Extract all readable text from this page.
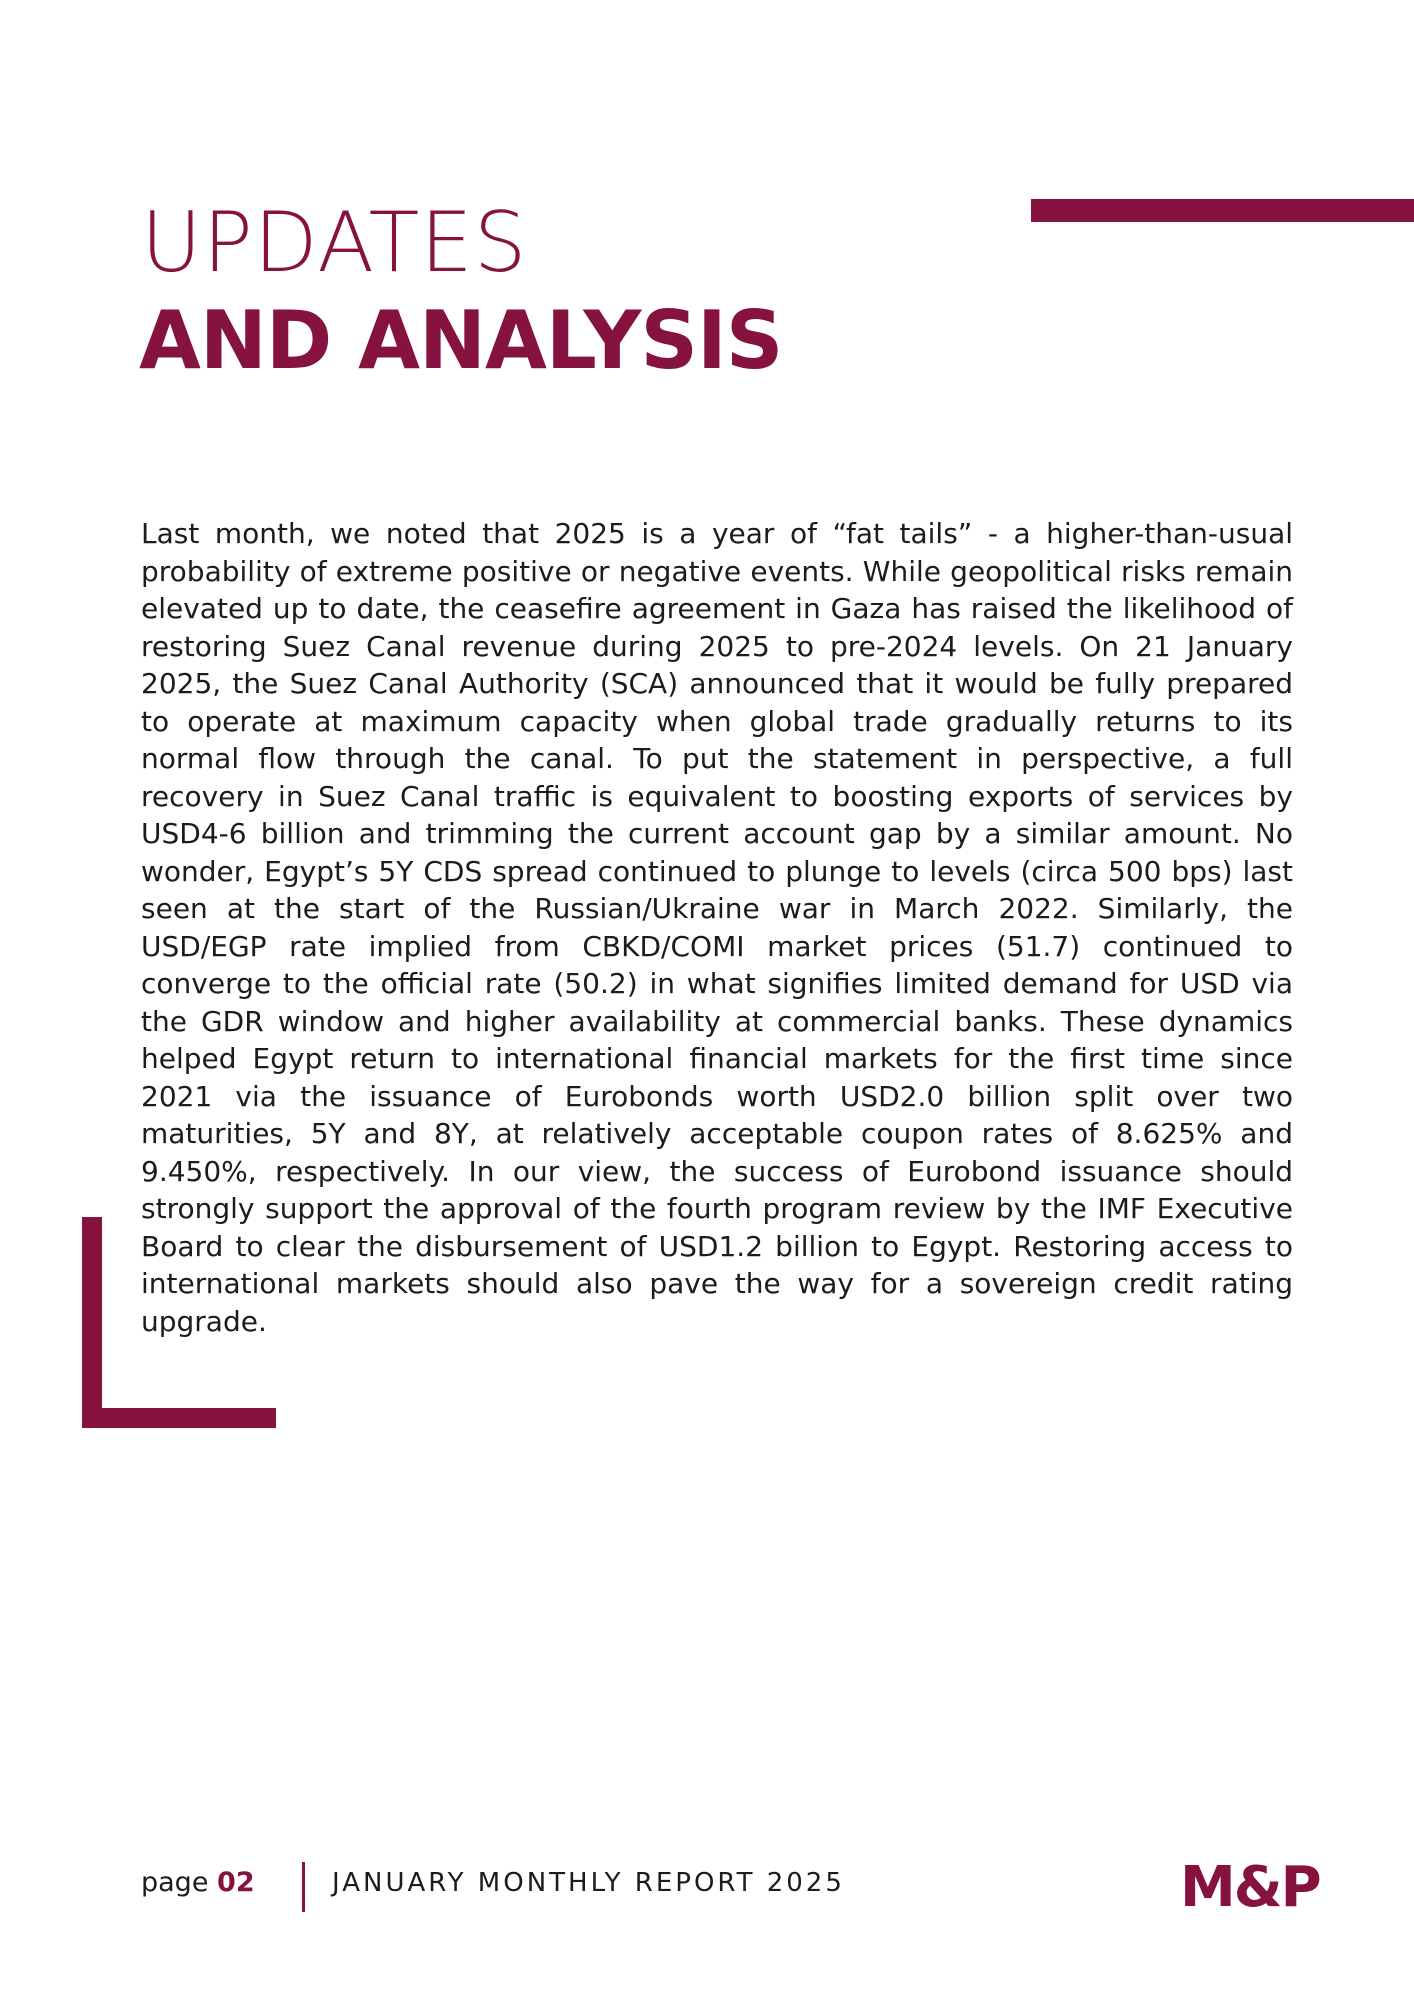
UPDATES
AND ANALYSIS

Last month, we noted that 2025 is a year of “fat tails” - a higher-than-usual probability of extreme positive or negative events. While geopolitical risks remain elevated up to date, the ceasefire agreement in Gaza has raised the likelihood of restoring Suez Canal revenue during 2025 to pre-2024 levels. On 21 January 2025, the Suez Canal Authority (SCA) announced that it would be fully prepared to operate at maximum capacity when global trade gradually returns to its normal flow through the canal. To put the statement in perspective, a full recovery in Suez Canal traffic is equivalent to boosting exports of services by USD4-6 billion and trimming the current account gap by a similar amount. No wonder, Egypt’s 5Y CDS spread continued to plunge to levels (circa 500 bps) last seen at the start of the Russian/Ukraine war in March 2022. Similarly, the USD/EGP rate implied from CBKD/COMI market prices (51.7) continued to converge to the official rate (50.2) in what signifies limited demand for USD via the GDR window and higher availability at commercial banks. These dynamics helped Egypt return to international financial markets for the first time since 2021 via the issuance of Eurobonds worth USD2.0 billion split over two maturities, 5Y and 8Y, at relatively acceptable coupon rates of 8.625% and 9.450%, respectively. In our view, the success of Eurobond issuance should strongly support the approval of the fourth program review by the IMF Executive Board to clear the disbursement of USD1.2 billion to Egypt. Restoring access to international markets should also pave the way for a sovereign credit rating upgrade.

page 02	JANUARY MONTHLY REPORT 2025	M&P
